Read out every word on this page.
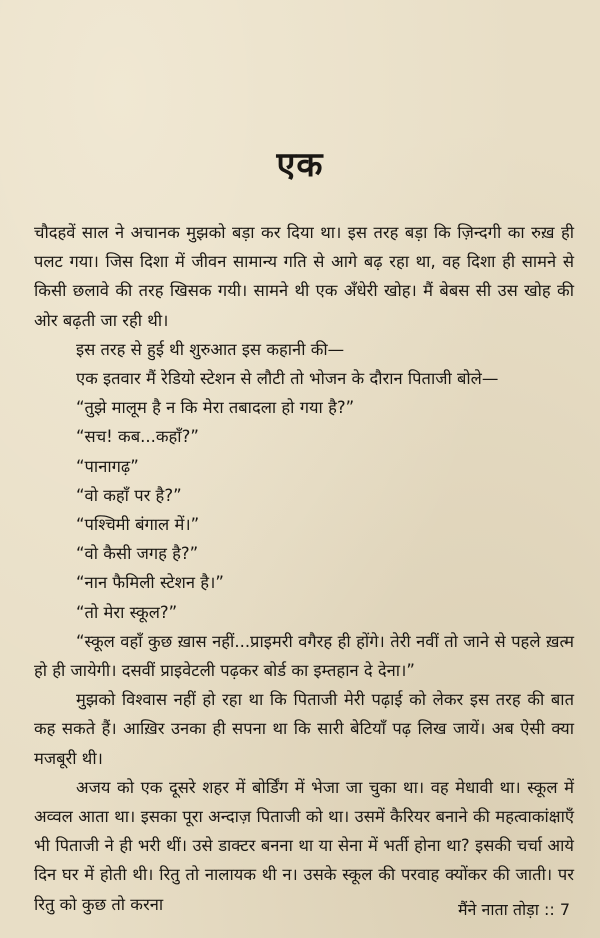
एक

चौदहवें साल ने अचानक मुझको बड़ा कर दिया था। इस तरह बड़ा कि ज़िन्दगी का रुख़ ही पलट गया। जिस दिशा में जीवन सामान्य गति से आगे बढ़ रहा था, वह दिशा ही सामने से किसी छलावे की तरह खिसक गयी। सामने थी एक अँधेरी खोह। मैं बेबस सी उस खोह की ओर बढ़ती जा रही थी।

इस तरह से हुई थी शुरुआत इस कहानी की—

एक इतवार मैं रेडियो स्टेशन से लौटी तो भोजन के दौरान पिताजी बोले—

“तुझे मालूम है न कि मेरा तबादला हो गया है?”

“सच! कब...कहाँ?”

“पानागढ़”

“वो कहाँ पर है?”

“पश्चिमी बंगाल में।”

“वो कैसी जगह है?”

“नान फैमिली स्टेशन है।”

“तो मेरा स्कूल?”

“स्कूल वहाँ कुछ ख़ास नहीं...प्राइमरी वगैरह ही होंगे। तेरी नवीं तो जाने से पहले ख़त्म हो ही जायेगी। दसवीं प्राइवेटली पढ़कर बोर्ड का इम्तहान दे देना।”

मुझको विश्वास नहीं हो रहा था कि पिताजी मेरी पढ़ाई को लेकर इस तरह की बात कह सकते हैं। आख़िर उनका ही सपना था कि सारी बेटियाँ पढ़ लिख जायें। अब ऐसी क्या मजबूरी थी।

अजय को एक दूसरे शहर में बोर्डिंग में भेजा जा चुका था। वह मेधावी था। स्कूल में अव्वल आता था। इसका पूरा अन्दाज़ पिताजी को था। उसमें कैरियर बनाने की महत्वाकांक्षाएँ भी पिताजी ने ही भरी थीं। उसे डाक्टर बनना था या सेना में भर्ती होना था? इसकी चर्चा आये दिन घर में होती थी। रितु तो नालायक थी न। उसके स्कूल की परवाह क्योंकर की जाती। पर रितु को कुछ तो करना	मैंने नाता तोड़ा :: 7
